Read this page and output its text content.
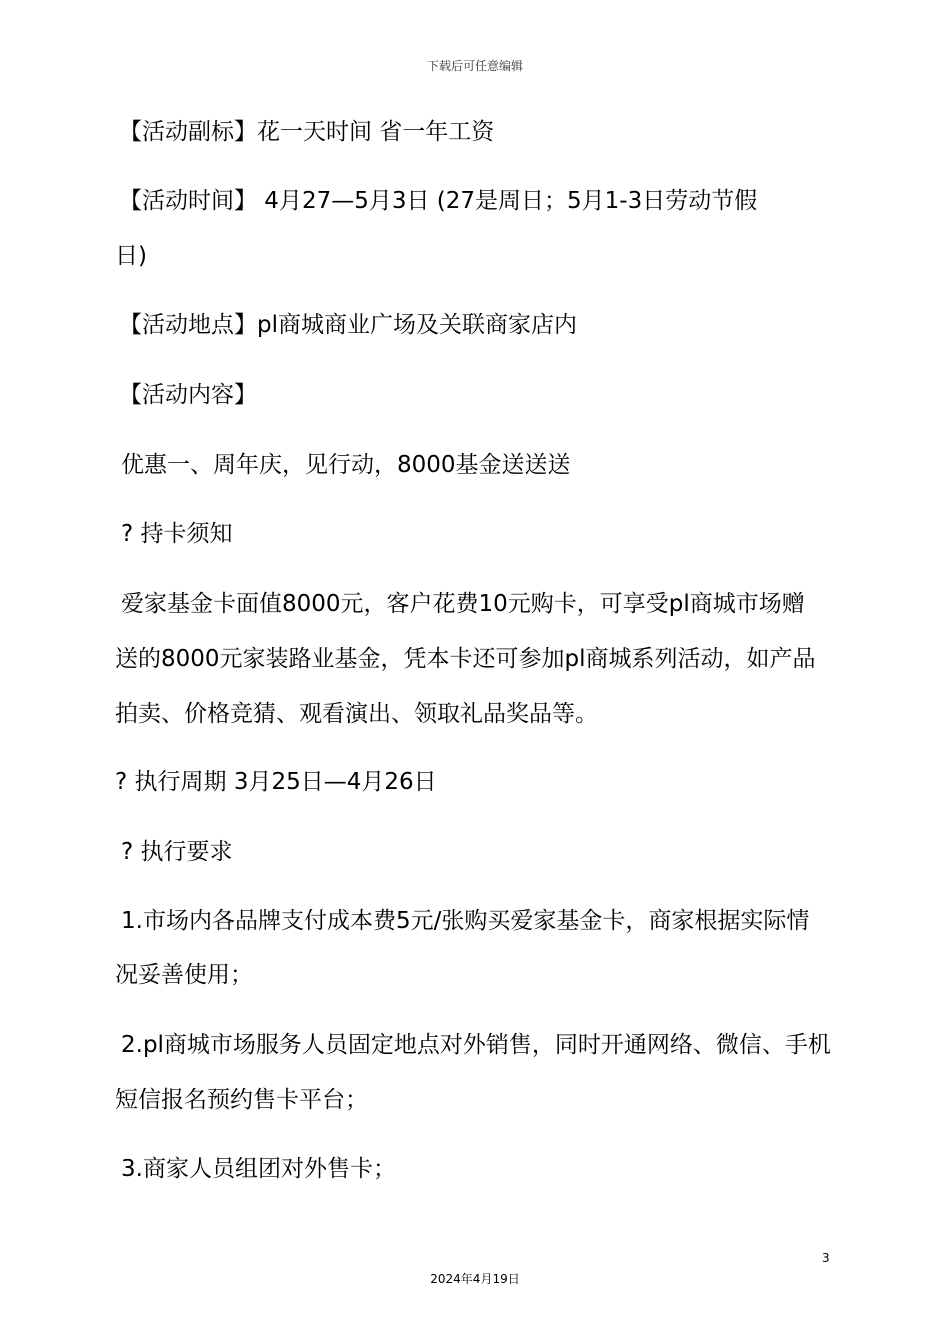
下载后可任意编辑
【活动副标】花一天时间 省一年工资
【活动时间】 4月27—5月3日 (27是周日；5月1-3日劳动节假
日)
【活动地点】pl商城商业广场及关联商家店内
【活动内容】
优惠一、周年庆，见行动，8000基金送送送
? 持卡须知
爱家基金卡面值8000元，客户花费10元购卡，可享受pl商城市场赠
送的8000元家装路业基金，凭本卡还可参加pl商城系列活动，如产品
拍卖、价格竞猜、观看演出、领取礼品奖品等。
? 执行周期 3月25日—4月26日
? 执行要求
1.市场内各品牌支付成本费5元/张购买爱家基金卡，商家根据实际情
况妥善使用；
2.pl商城市场服务人员固定地点对外销售，同时开通网络、微信、手机
短信报名预约售卡平台；
3.商家人员组团对外售卡；
3
2024年4月19日
